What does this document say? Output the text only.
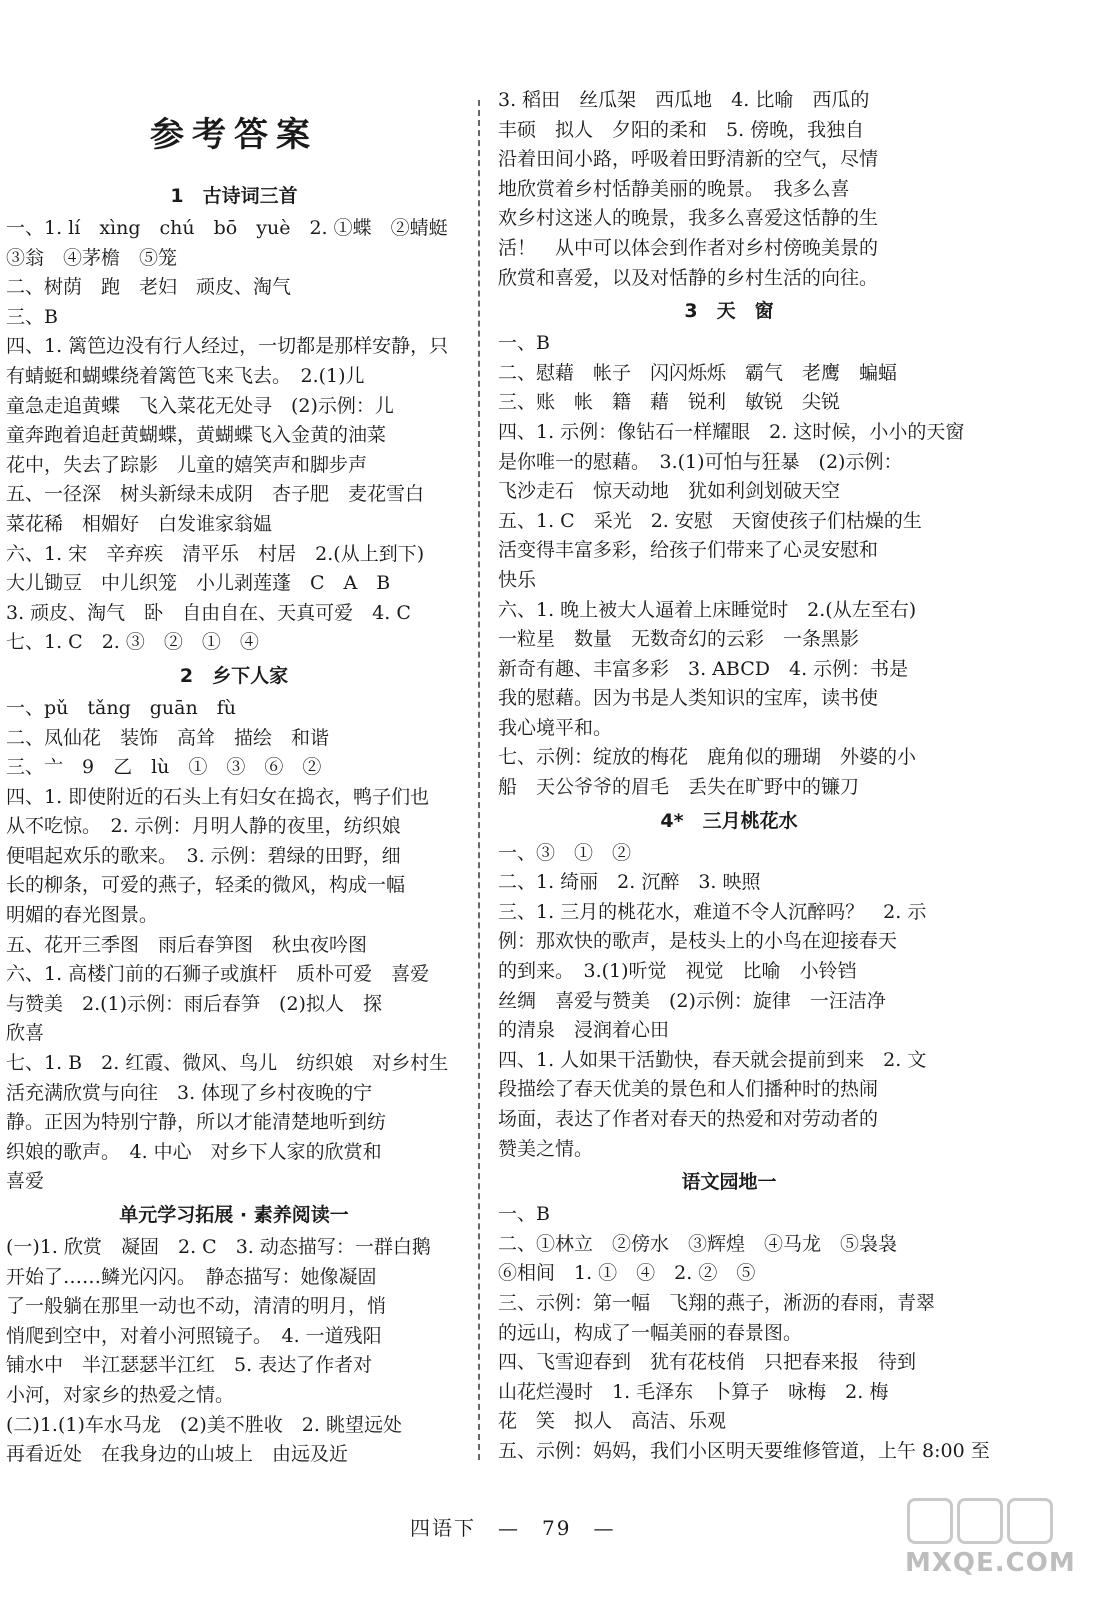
参考答案
1　古诗词三首
一、1. lí　xìng　chú　bō　yuè　2. ①蝶　②蜻蜓
③翁　④茅檐　⑤笼
二、树荫　跑　老妇　顽皮、淘气
三、B
四、1. 篱笆边没有行人经过，一切都是那样安静，只
有蜻蜓和蝴蝶绕着篱笆飞来飞去。　2.(1)儿
童急走追黄蝶　飞入菜花无处寻　(2)示例：儿
童奔跑着追赶黄蝴蝶，黄蝴蝶飞入金黄的油菜
花中，失去了踪影　儿童的嬉笑声和脚步声
五、一径深　树头新绿未成阴　杏子肥　麦花雪白
菜花稀　相媚好　白发谁家翁媪
六、1. 宋　辛弃疾　清平乐　村居　2.(从上到下)
大儿锄豆　中儿织笼　小儿剥莲蓬　C　A　B
3. 顽皮、淘气　卧　自由自在、天真可爱　4. C
七、1. C　2. ③　②　①　④
2　乡下人家
一、pǔ　tǎng　guān　fù
二、凤仙花　装饰　高耸　描绘　和谐
三、亠　9　乙　lù　①　③　⑥　②
四、1. 即使附近的石头上有妇女在捣衣，鸭子们也
从不吃惊。　2. 示例：月明人静的夜里，纺织娘
便唱起欢乐的歌来。　3. 示例：碧绿的田野，细
长的柳条，可爱的燕子，轻柔的微风，构成一幅
明媚的春光图景。
五、花开三季图　雨后春笋图　秋虫夜吟图
六、1. 高楼门前的石狮子或旗杆　质朴可爱　喜爱
与赞美　2.(1)示例：雨后春笋　(2)拟人　探
欣喜
七、1. B　2. 红霞、微风、鸟儿　纺织娘　对乡村生
活充满欣赏与向往　3. 体现了乡村夜晚的宁
静。正因为特别宁静，所以才能清楚地听到纺
织娘的歌声。　4. 中心　对乡下人家的欣赏和
喜爱
单元学习拓展 · 素养阅读一
(一)1. 欣赏　凝固　2. C　3. 动态描写：一群白鹅
开始了……鳞光闪闪。　静态描写：她像凝固
了一般躺在那里一动也不动，清清的明月，悄
悄爬到空中，对着小河照镜子。　4. 一道残阳
铺水中　半江瑟瑟半江红　5. 表达了作者对
小河，对家乡的热爱之情。
(二)1.(1)车水马龙　(2)美不胜收　2. 眺望远处
再看近处　在我身边的山坡上　由远及近
3. 稻田　丝瓜架　西瓜地　4. 比喻　西瓜的
丰硕　拟人　夕阳的柔和　5. 傍晚，我独自
沿着田间小路，呼吸着田野清新的空气，尽情
地欣赏着乡村恬静美丽的晚景。　我多么喜
欢乡村这迷人的晚景，我多么喜爱这恬静的生
活！　从中可以体会到作者对乡村傍晚美景的
欣赏和喜爱，以及对恬静的乡村生活的向往。
3　天　窗
一、B
二、慰藉　帐子　闪闪烁烁　霸气　老鹰　蝙蝠
三、账　帐　籍　藉　锐利　敏锐　尖锐
四、1. 示例：像钻石一样耀眼　2. 这时候，小小的天窗
是你唯一的慰藉。　3.(1)可怕与狂暴　(2)示例：
飞沙走石　惊天动地　犹如利剑划破天空
五、1. C　采光　2. 安慰　天窗使孩子们枯燥的生
活变得丰富多彩，给孩子们带来了心灵安慰和
快乐
六、1. 晚上被大人逼着上床睡觉时　2.(从左至右)
一粒星　数量　无数奇幻的云彩　一条黑影
新奇有趣、丰富多彩　3. ABCD　4. 示例：书是
我的慰藉。因为书是人类知识的宝库，读书使
我心境平和。
七、示例：绽放的梅花　鹿角似的珊瑚　外婆的小
船　天公爷爷的眉毛　丢失在旷野中的镰刀
4*　三月桃花水
一、③　①　②
二、1. 绮丽　2. 沉醉　3. 映照
三、1. 三月的桃花水，难道不令人沉醉吗？　2. 示
例：那欢快的歌声，是枝头上的小鸟在迎接春天
的到来。　3.(1)听觉　视觉　比喻　小铃铛
丝绸　喜爱与赞美　(2)示例：旋律　一汪洁净
的清泉　浸润着心田
四、1. 人如果干活勤快，春天就会提前到来　2. 文
段描绘了春天优美的景色和人们播种时的热闹
场面，表达了作者对春天的热爱和对劳动者的
赞美之情。
语文园地一
一、B
二、①林立　②傍水　③辉煌　④马龙　⑤袅袅
⑥相间　1. ①　④　2. ②　⑤
三、示例：第一幅　飞翔的燕子，淅沥的春雨，青翠
的远山，构成了一幅美丽的春景图。
四、飞雪迎春到　犹有花枝俏　只把春来报　待到
山花烂漫时　1. 毛泽东　卜算子　咏梅　2. 梅
花　笑　拟人　高洁、乐观
五、示例：妈妈，我们小区明天要维修管道，上午 8:00 至
四语下　—　79　—
MXQE.COM
